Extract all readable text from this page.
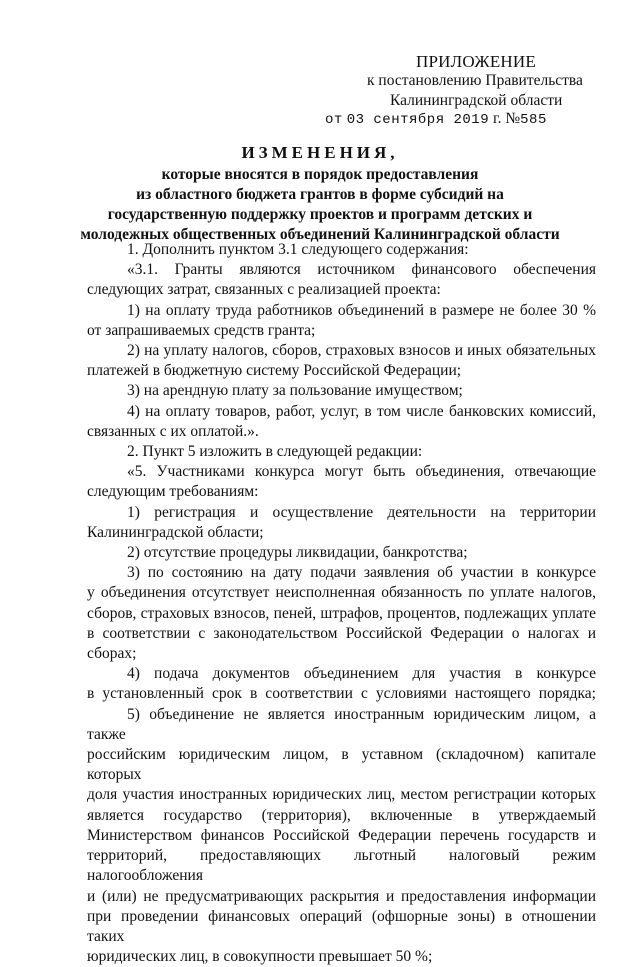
ПРИЛОЖЕНИЕ
к постановлению Правительства
Калининградской области
от 03 сентября 2019 г. №585
ИЗМЕНЕНИЯ,
которые вносятся в порядок предоставления
из областного бюджета грантов в форме субсидий на
государственную поддержку проектов и программ детских и
молодежных общественных объединений Калининградской области
1. Дополнить пунктом 3.1 следующего содержания:
«3.1. Гранты являются источником финансового обеспечения
следующих затрат, связанных с реализацией проекта:
1) на оплату труда работников объединений в размере не более 30 %
от запрашиваемых средств гранта;
2) на уплату налогов, сборов, страховых взносов и иных обязательных
платежей в бюджетную систему Российской Федерации;
3) на арендную плату за пользование имуществом;
4) на оплату товаров, работ, услуг, в том числе банковских комиссий,
связанных с их оплатой.».
2. Пункт 5 изложить в следующей редакции:
«5. Участниками конкурса могут быть объединения, отвечающие
следующим требованиям:
1) регистрация и осуществление деятельности на территории
Калининградской области;
2) отсутствие процедуры ликвидации, банкротства;
3) по состоянию на дату подачи заявления об участии в конкурсе
у объединения отсутствует неисполненная обязанность по уплате налогов,
сборов, страховых взносов, пеней, штрафов, процентов, подлежащих уплате
в соответствии с законодательством Российской Федерации о налогах и
сборах;
4) подача документов объединением для участия в конкурсе
в установленный срок в соответствии с условиями настоящего порядка;
5) объединение не является иностранным юридическим лицом, а также
российским юридическим лицом, в уставном (складочном) капитале которых
доля участия иностранных юридических лиц, местом регистрации которых
является государство (территория), включенные в утверждаемый
Министерством финансов Российской Федерации перечень государств и
территорий, предоставляющих льготный налоговый режим налогообложения
и (или) не предусматривающих раскрытия и предоставления информации
при проведении финансовых операций (офшорные зоны) в отношении таких
юридических лиц, в совокупности превышает 50 %;
